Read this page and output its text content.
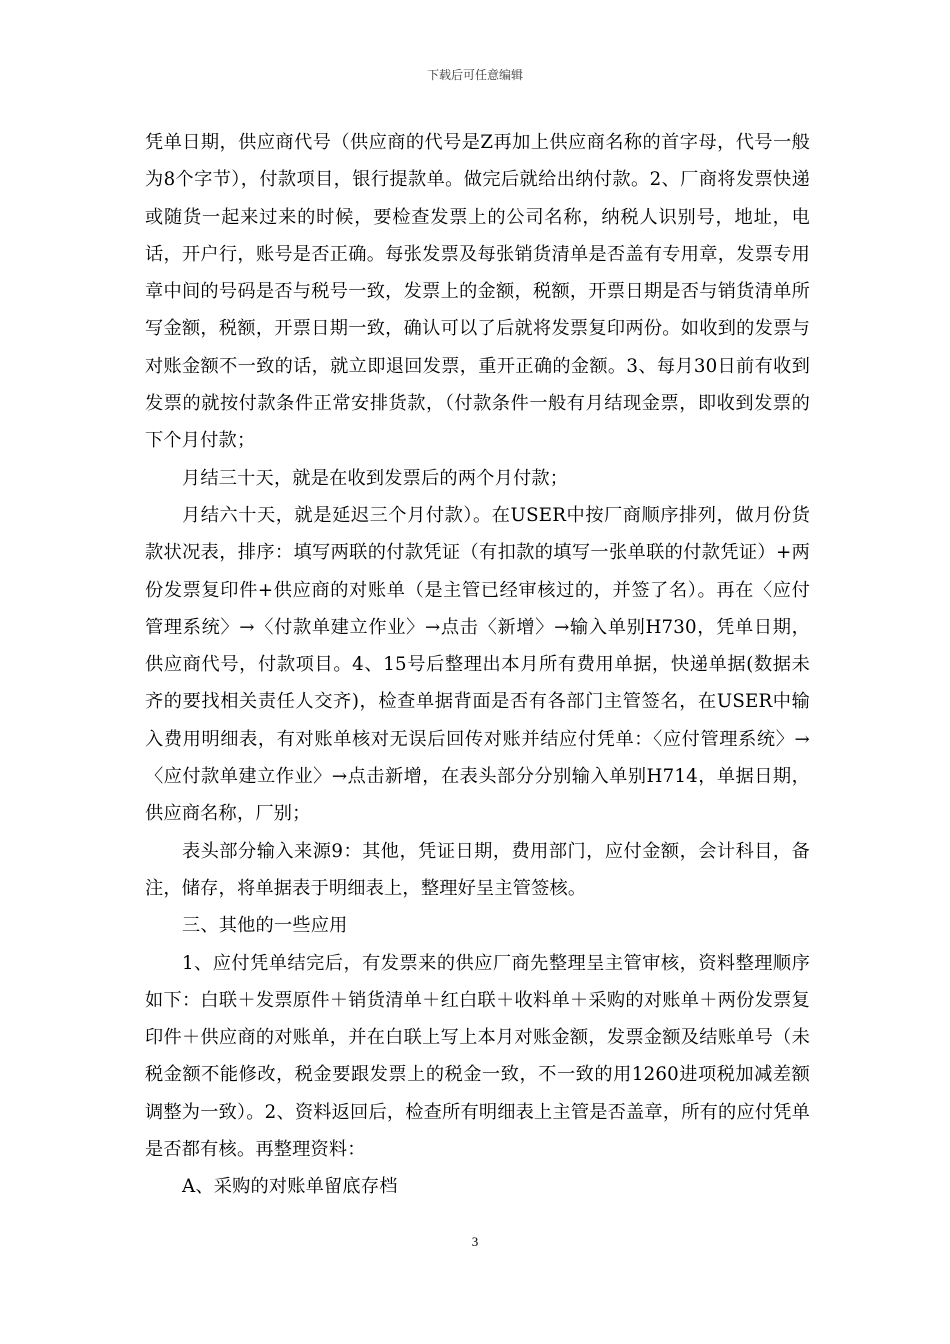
下载后可任意编辑

凭单日期，供应商代号（供应商的代号是Z再加上供应商名称的首字母，代号一般为8个字节），付款项目，银行提款单。做完后就给出纳付款。2、厂商将发票快递或随货一起来过来的时候，要检查发票上的公司名称，纳税人识别号，地址，电话，开户行，账号是否正确。每张发票及每张销货清单是否盖有专用章，发票专用章中间的号码是否与税号一致，发票上的金额，税额，开票日期是否与销货清单所写金额，税额，开票日期一致，确认可以了后就将发票复印两份。如收到的发票与对账金额不一致的话，就立即退回发票，重开正确的金额。3、每月30日前有收到发票的就按付款条件正常安排货款，（付款条件一般有月结现金票，即收到发票的下个月付款；

月结三十天，就是在收到发票后的两个月付款；

月结六十天，就是延迟三个月付款）。在USER中按厂商顺序排列，做月份货款状况表，排序：填写两联的付款凭证（有扣款的填写一张单联的付款凭证）+两份发票复印件+供应商的对账单（是主管已经审核过的，并签了名）。再在〈应付管理系统〉→〈付款单建立作业〉→点击〈新增〉→输入单别H730，凭单日期，供应商代号，付款项目。4、15号后整理出本月所有费用单据，快递单据(数据未齐的要找相关责任人交齐)，检查单据背面是否有各部门主管签名，在USER中输入费用明细表，有对账单核对无误后回传对账并结应付凭单：〈应付管理系统〉→〈应付款单建立作业〉→点击新增，在表头部分分别输入单别H714，单据日期，供应商名称，厂别；

表头部分输入来源9：其他，凭证日期，费用部门，应付金额，会计科目，备注，储存，将单据表于明细表上，整理好呈主管签核。

三、其他的一些应用

1、应付凭单结完后，有发票来的供应厂商先整理呈主管审核，资料整理顺序如下：白联＋发票原件＋销货清单＋红白联＋收料单＋采购的对账单＋两份发票复印件＋供应商的对账单，并在白联上写上本月对账金额，发票金额及结账单号（未税金额不能修改，税金要跟发票上的税金一致，不一致的用1260进项税加减差额调整为一致）。2、资料返回后，检查所有明细表上主管是否盖章，所有的应付凭单是否都有核。再整理资料：

A、采购的对账单留底存档

3
